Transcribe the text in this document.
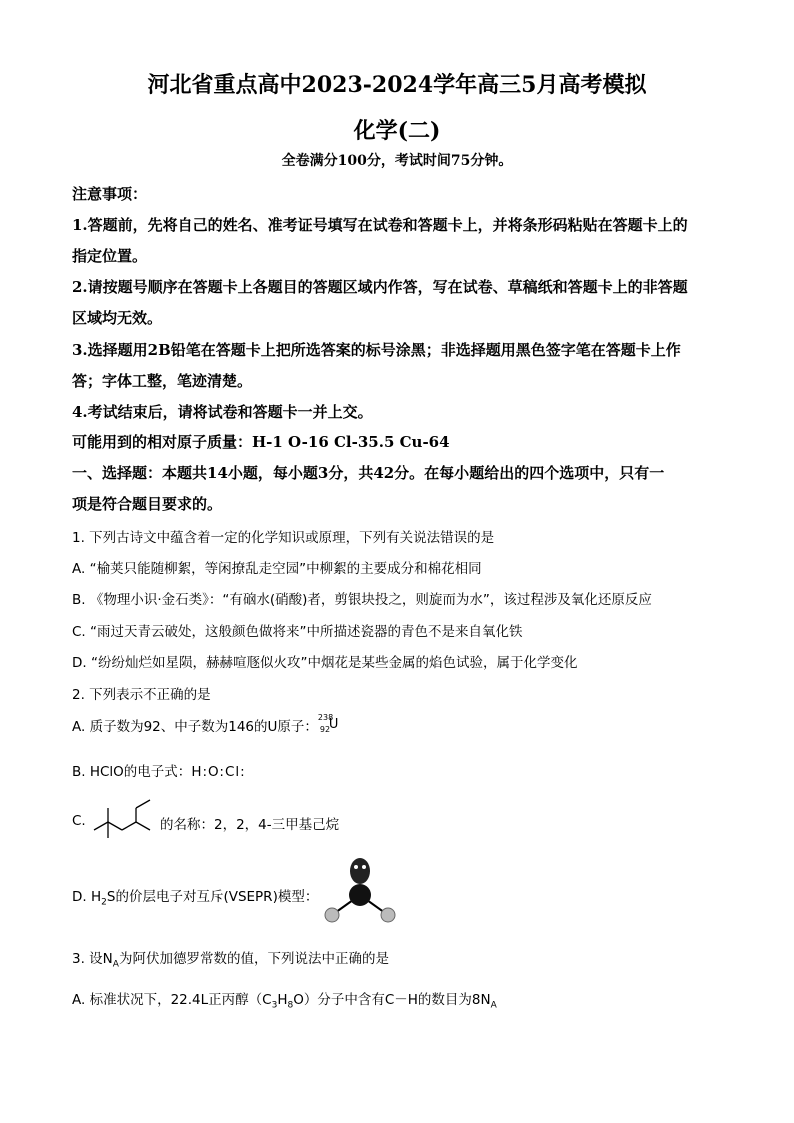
河北省重点高中2023-2024学年高三5月高考模拟
化学(二)
全卷满分100分，考试时间75分钟。
注意事项：
1.答题前，先将自己的姓名、准考证号填写在试卷和答题卡上，并将条形码粘贴在答题卡上的
指定位置。
2.请按题号顺序在答题卡上各题目的答题区域内作答，写在试卷、草稿纸和答题卡上的非答题
区域均无效。
3.选择题用2B铅笔在答题卡上把所选答案的标号涂黑；非选择题用黑色签字笔在答题卡上作
答；字体工整，笔迹清楚。
4.考试结束后，请将试卷和答题卡一并上交。
可能用到的相对原子质量：H-1 O-16 Cl-35.5 Cu-64
一、选择题：本题共14小题，每小题3分，共42分。在每小题给出的四个选项中，只有一
项是符合题目要求的。
1. 下列古诗文中蕴含着一定的化学知识或原理，下列有关说法错误的是
A. “榆荚只能随柳絮，等闲撩乱走空园”中柳絮的主要成分和棉花相同
B. 《物理小识·金石类》：“有硇水(硝酸)者，剪银块投之，则旋而为水”，该过程涉及氧化还原反应
C. “雨过天青云破处，这般颜色做将来”中所描述瓷器的青色不是来自氧化铁
D. “纷纷灿烂如星陨，赫赫喧豗似火攻”中烟花是某些金属的焰色试验，属于化学变化
2. 下列表示不正确的是
A. 质子数为92、中子数为146的U原子：
238
92
U
B. HClO的电子式：H:O:Cl:
C.	的名称：2，2，4-三甲基己烷
D. $H_2S$的价层电子对互斥(VSEPR)模型：
3. 设$N_A$为阿伏加德罗常数的值，下列说法中正确的是
A. 标准状况下，22.4L正丙醇$(C_3H_8O)$分子中含有C－H的数目为$8N_A$
